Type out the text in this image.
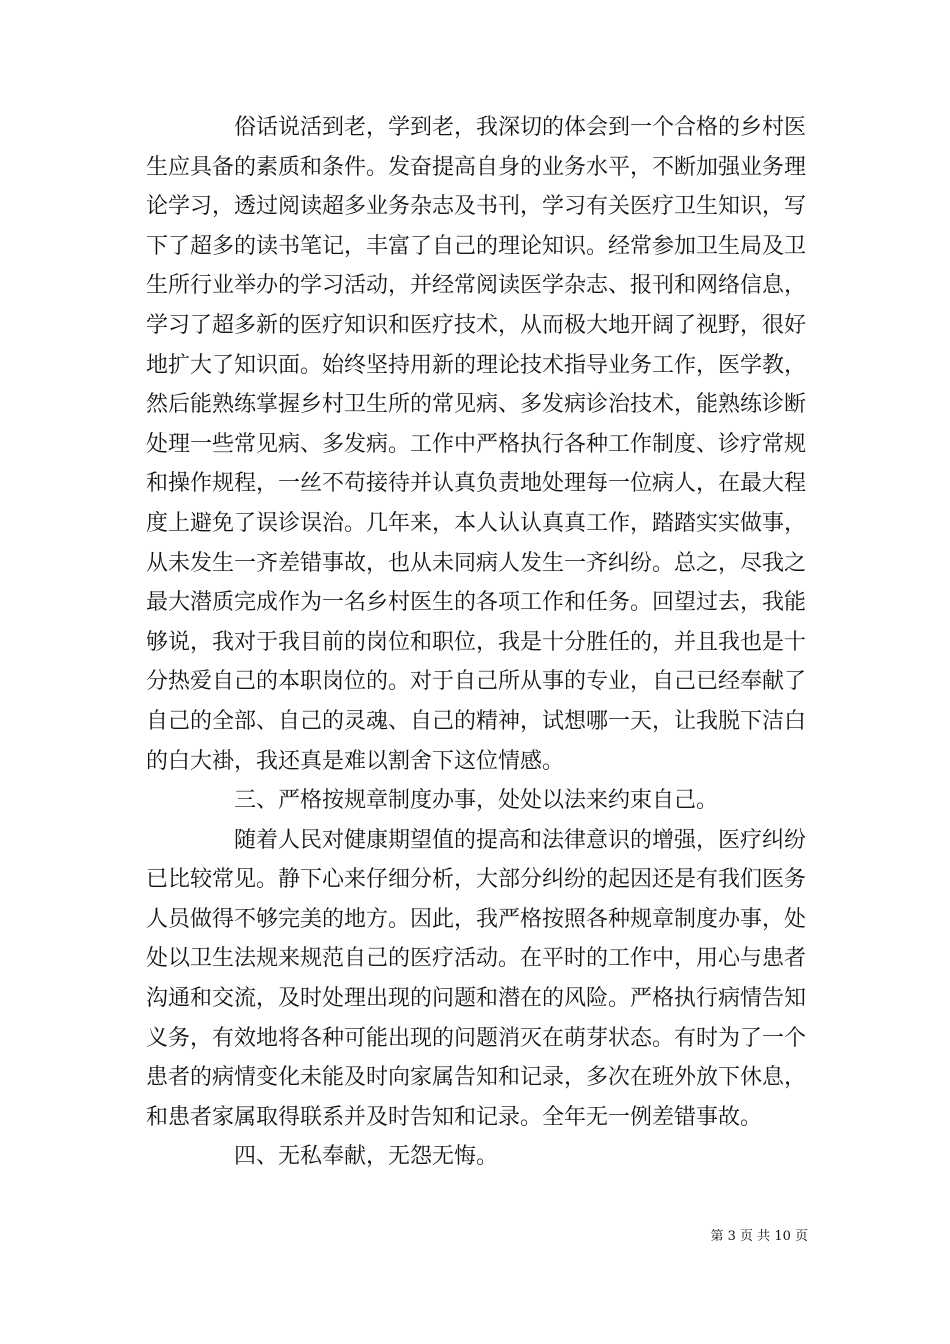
俗话说活到老，学到老，我深切的体会到一个合格的乡村医生应具备的素质和条件。发奋提高自身的业务水平，不断加强业务理论学习，透过阅读超多业务杂志及书刊，学习有关医疗卫生知识，写下了超多的读书笔记，丰富了自己的理论知识。经常参加卫生局及卫生所行业举办的学习活动，并经常阅读医学杂志、报刊和网络信息，学习了超多新的医疗知识和医疗技术，从而极大地开阔了视野，很好地扩大了知识面。始终坚持用新的理论技术指导业务工作，医学教，然后能熟练掌握乡村卫生所的常见病、多发病诊治技术，能熟练诊断处理一些常见病、多发病。工作中严格执行各种工作制度、诊疗常规和操作规程，一丝不苟接待并认真负责地处理每一位病人，在最大程度上避免了误诊误治。几年来，本人认认真真工作，踏踏实实做事，从未发生一齐差错事故，也从未同病人发生一齐纠纷。总之，尽我之最大潜质完成作为一名乡村医生的各项工作和任务。回望过去，我能够说，我对于我目前的岗位和职位，我是十分胜任的，并且我也是十分热爱自己的本职岗位的。对于自己所从事的专业，自己已经奉献了自己的全部、自己的灵魂、自己的精神，试想哪一天，让我脱下洁白的白大褂，我还真是难以割舍下这位情感。

三、严格按规章制度办事，处处以法来约束自己。

随着人民对健康期望值的提高和法律意识的增强，医疗纠纷已比较常见。静下心来仔细分析，大部分纠纷的起因还是有我们医务人员做得不够完美的地方。因此，我严格按照各种规章制度办事，处处以卫生法规来规范自己的医疗活动。在平时的工作中，用心与患者沟通和交流，及时处理出现的问题和潜在的风险。严格执行病情告知义务，有效地将各种可能出现的问题消灭在萌芽状态。有时为了一个患者的病情变化未能及时向家属告知和记录，多次在班外放下休息，和患者家属取得联系并及时告知和记录。全年无一例差错事故。

四、无私奉献，无怨无悔。

第 3 页 共 10 页
